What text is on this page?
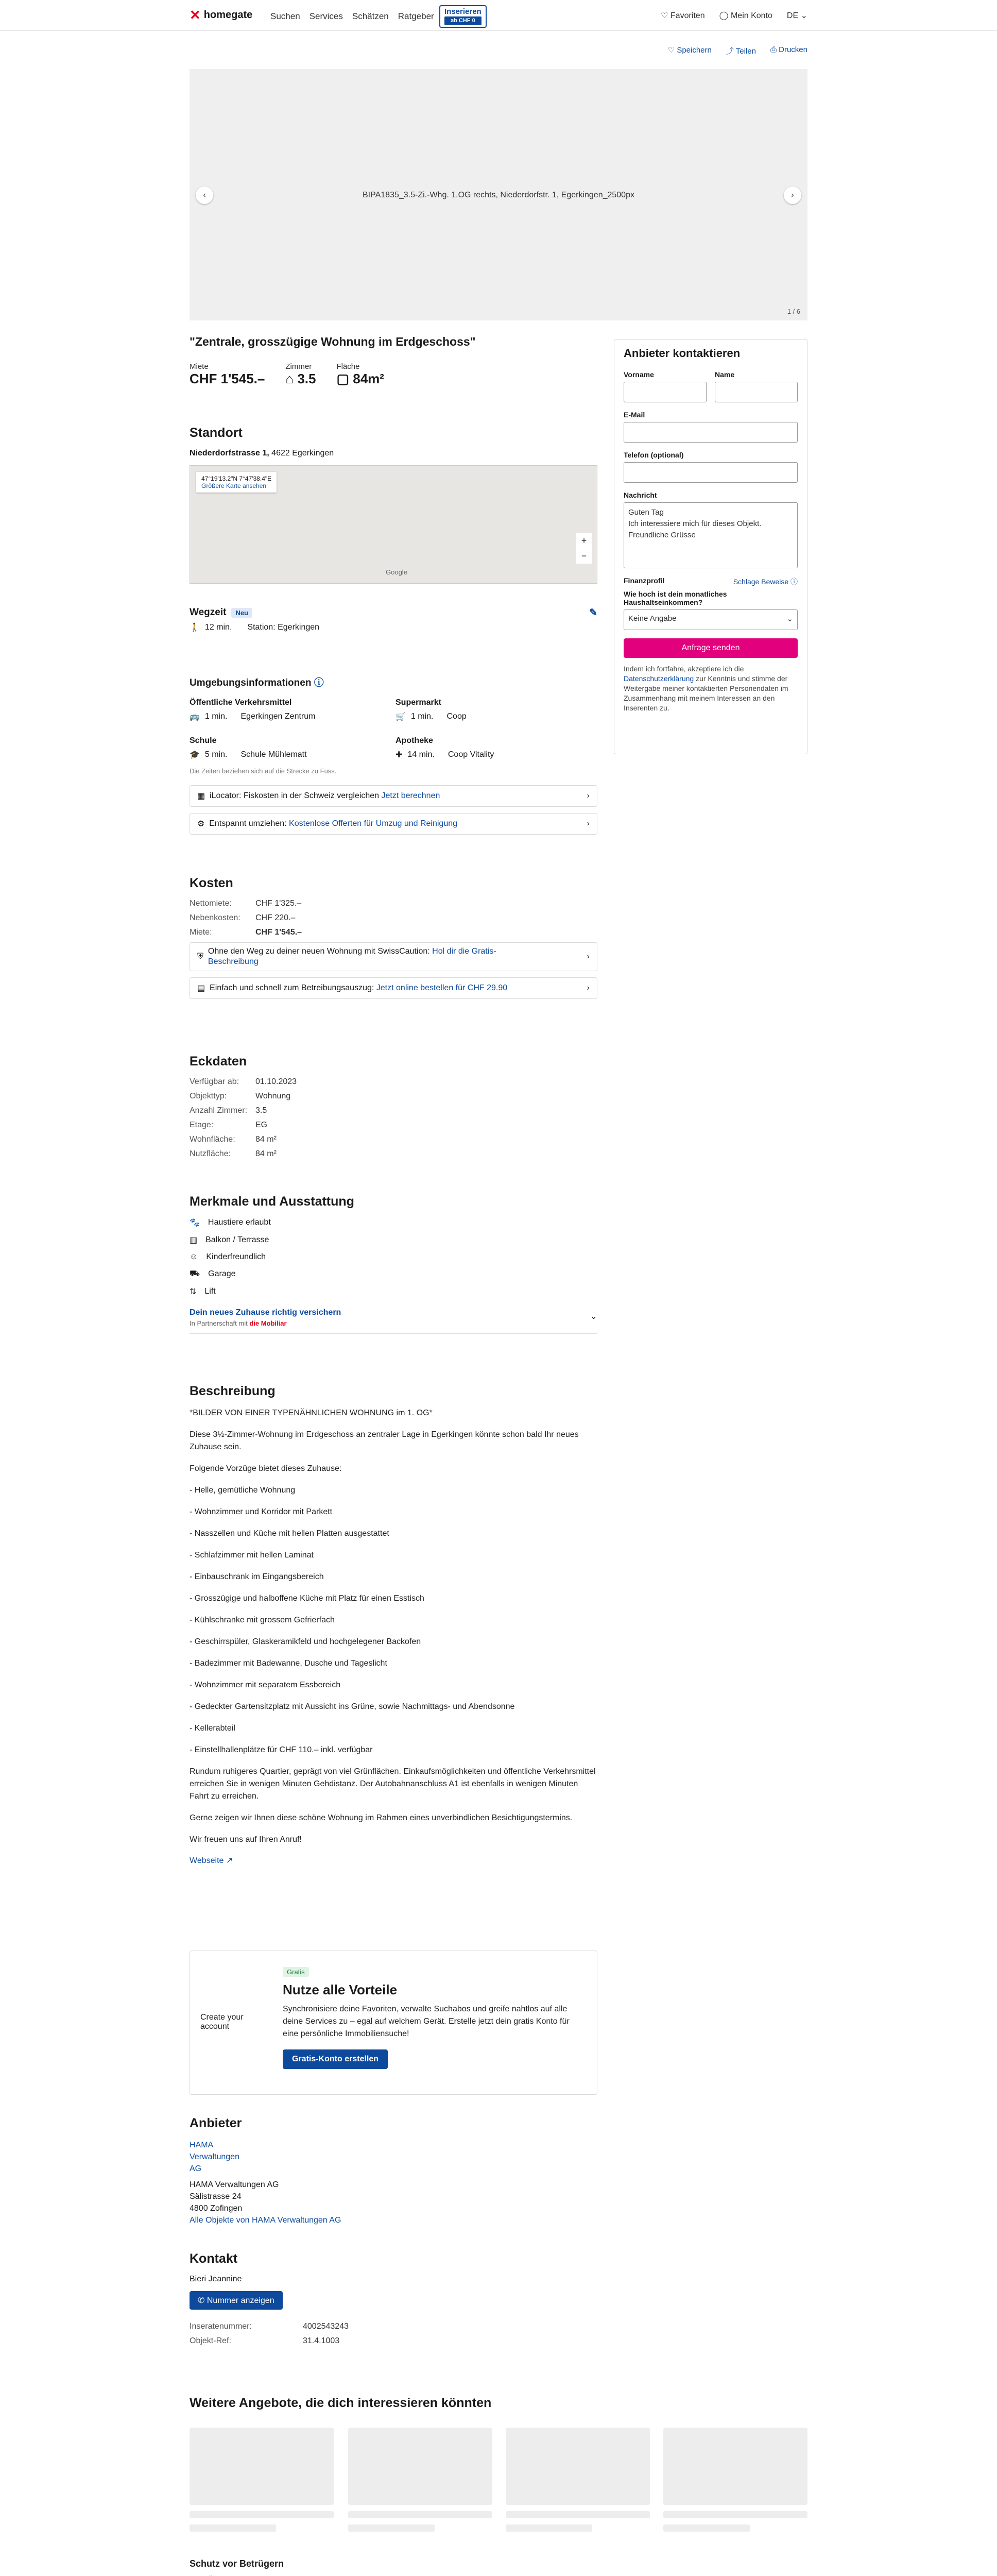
✕ homegate Suchen Services Schätzen Ratgeber	Inserieren
ab CHF 0
♡ Favoriten ◯ Mein Konto DE ⌄
♡ Speichern ⤴ Teilen ⎙ Drucken
BIPA1835_3.5-Zi.-Whg. 1.OG rechts, Niederdorfstr. 1, Egerkingen_2500px
‹	›
1 / 6
"Zentrale, grosszügige Wohnung im Erdgeschoss"
Miete
CHF 1'545.–
Zimmer
⌂ 3.5
Fläche
▢ 84m²
Standort
Niederdorfstrasse 1, 4622 Egerkingen
47°19'13.2"N 7°47'38.4"E
Größere Karte ansehen
+
−
Google
Wegzeit	Neu	✎
🚶 12 min. Station: Egerkingen
Umgebungsinformationen ⓘ
Öffentliche Verkehrsmittel
🚌 1 min. Egerkingen Zentrum
Supermarkt
🛒 1 min. Coop
Schule
🎓 5 min. Schule Mühlematt
Apotheke
✚ 14 min. Coop Vitality
Die Zeiten beziehen sich auf die Strecke zu Fuss.
▦ iLocator: Fiskosten in der Schweiz vergleichen
Jetzt berechnen	›
⚙ Entspannt umziehen:
Kostenlose Offerten für Umzug und Reinigung	›
Kosten
Nettomiete:	CHF 1'325.–
Nebenkosten:	CHF 220.–
Miete:	CHF 1'545.–
⛨
Ohne den Weg zu deiner neuen Wohnung mit SwissCaution: Hol dir die Gratis-Beschreibung
›
▤ Einfach und schnell zum Betreibungsauszug:
Jetzt online bestellen für CHF 29.90	›
Eckdaten
Verfügbar ab:	01.10.2023
Objekttyp:	Wohnung
Anzahl Zimmer: 3.5
Etage:	EG
Wohnfläche:	84 m²
Nutzfläche:	84 m²
Merkmale und Ausstattung
🐾 Haustiere erlaubt
▥ Balkon / Terrasse
☺ Kinderfreundlich
⛟ Garage
⇅ Lift
Dein neues Zuhause richtig versichern
In Partnerschaft mit die Mobiliar
⌄
Beschreibung
*BILDER VON EINER TYPENÄHNLICHEN WOHNUNG im 1. OG*
Diese 3½-Zimmer-Wohnung im Erdgeschoss an zentraler Lage in Egerkingen könnte schon bald Ihr neues Zuhause sein.
Folgende Vorzüge bietet dieses Zuhause:
- Helle, gemütliche Wohnung
- Wohnzimmer und Korridor mit Parkett
- Nasszellen und Küche mit hellen Platten ausgestattet
- Schlafzimmer mit hellen Laminat
- Einbauschrank im Eingangsbereich
- Grosszügige und halboffene Küche mit Platz für einen Esstisch
- Kühlschranke mit grossem Gefrierfach
- Geschirrspüler, Glaskeramikfeld und hochgelegener Backofen
- Badezimmer mit Badewanne, Dusche und Tageslicht
- Wohnzimmer mit separatem Essbereich
- Gedeckter Gartensitzplatz mit Aussicht ins Grüne, sowie Nachmittags- und Abendsonne
- Kellerabteil
- Einstellhallenplätze für CHF 110.– inkl. verfügbar
Rundum ruhigeres Quartier, geprägt von viel Grünflächen. Einkaufsmöglichkeiten und öffentliche Verkehrsmittel erreichen Sie in wenigen Minuten Gehdistanz. Der Autobahnanschluss A1 ist ebenfalls in wenigen Minuten Fahrt zu erreichen.
Gerne zeigen wir Ihnen diese schöne Wohnung im Rahmen eines unverbindlichen Besichtigungstermins.
Wir freuen uns auf Ihren Anruf!
Webseite ↗
Create your account
Gratis
Nutze alle Vorteile
Synchronisiere deine Favoriten, verwalte Suchabos und greife nahtlos auf alle deine Services zu – egal auf welchem Gerät. Erstelle jetzt dein gratis Konto für eine persönliche Immobiliensuche!
Gratis-Konto erstellen
Anbieter
HAMA Verwaltungen AG
HAMA Verwaltungen AG
Sälistrasse 24
4800 Zofingen
Alle Objekte von HAMA Verwaltungen AG
Kontakt
Bieri Jeannine
✆ Nummer anzeigen
Inseratenummer:	4002543243
Objekt-Ref:	31.4.1003
Weitere Angebote, die dich interessieren könnten
Schutz vor Betrügern
•
Anbieter kontaktieren
Vorname	Name
E-Mail
Telefon (optional)
Nachricht
Guten Tag
Ich interessiere mich für dieses Objekt.
Freundliche Grüsse
Finanzprofil	Schlage Beweise ⓘ
Wie hoch ist dein monatliches Haushaltseinkommen?
Keine Angabe	⌄
Anfrage senden
Indem ich fortfahre, akzeptiere ich die Datenschutzerklärung zur Kenntnis und stimme der Weitergabe meiner kontaktierten Personendaten im Zusammenhang mit meinem Interessen an den Inserenten zu.
